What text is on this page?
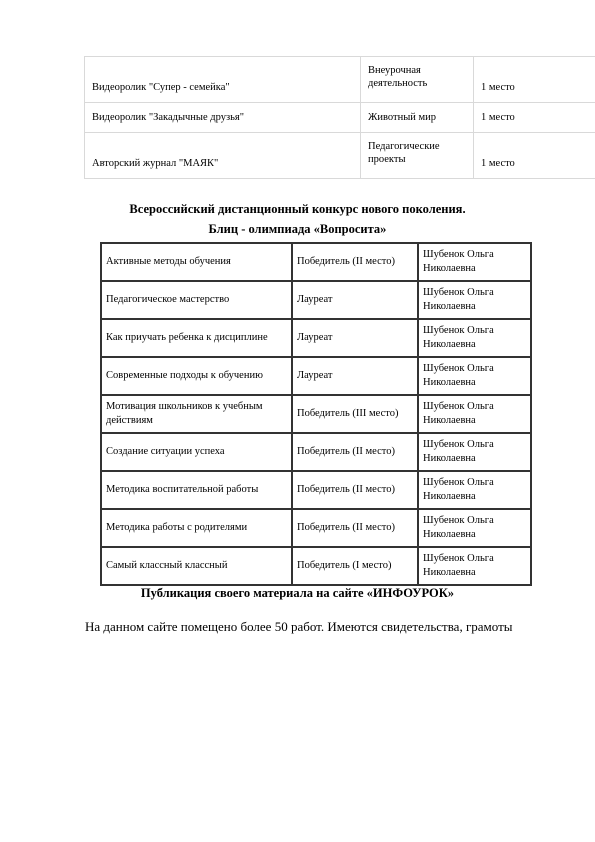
Видеоролик "Супер - семейка"	Внеурочная деятельность	1 место
Видеоролик "Закадычные друзья"	Животный мир	1 место
Авторский журнал "МАЯК"	Педагогические проекты	1 место
Всероссийский дистанционный конкурс нового поколения.
Блиц - олимпиада «Вопросита»
Активные методы обучения	Победитель (II место)	Шубенок Ольга Николаевна
Педагогическое мастерство	Лауреат	Шубенок Ольга Николаевна
Как приучать ребенка к дисциплине	Лауреат	Шубенок Ольга Николаевна
Современные подходы к обучению	Лауреат	Шубенок Ольга Николаевна
Мотивация школьников к учебным действиям	Победитель (III место)	Шубенок Ольга Николаевна
Создание ситуации успеха	Победитель (II место)	Шубенок Ольга Николаевна
Методика воспитательной работы	Победитель (II место)	Шубенок Ольга Николаевна
Методика работы с родителями	Победитель (II место)	Шубенок Ольга Николаевна
Самый классный классный	Победитель (I место)	Шубенок Ольга Николаевна
Публикация своего материала на сайте «ИНФОУРОК»
На данном сайте помещено более 50 работ. Имеются свидетельства, грамоты
